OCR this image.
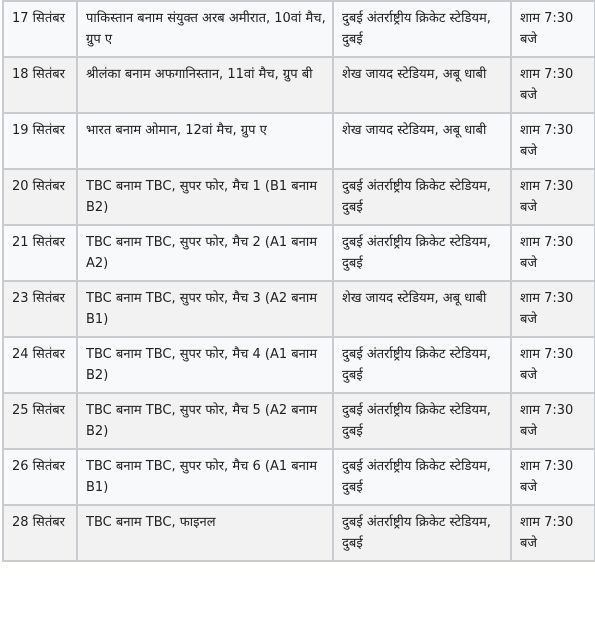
17 सितंबर	पाकिस्तान बनाम संयुक्त अरब अमीरात, 10वां मैच, ग्रुप ए	दुबई अंतर्राष्ट्रीय क्रिकेट स्टेडियम, दुबई	शाम 7:30 बजे
18 सितंबर	श्रीलंका बनाम अफगानिस्तान, 11वां मैच, ग्रुप बी	शेख जायद स्टेडियम, अबू धाबी	शाम 7:30 बजे
19 सितंबर	भारत बनाम ओमान, 12वां मैच, ग्रुप ए	शेख जायद स्टेडियम, अबू धाबी	शाम 7:30 बजे
20 सितंबर	TBC बनाम TBC, सुपर फोर, मैच 1 (B1 बनाम B2)	दुबई अंतर्राष्ट्रीय क्रिकेट स्टेडियम, दुबई	शाम 7:30 बजे
21 सितंबर	TBC बनाम TBC, सुपर फोर, मैच 2 (A1 बनाम A2)	दुबई अंतर्राष्ट्रीय क्रिकेट स्टेडियम, दुबई	शाम 7:30 बजे
23 सितंबर	TBC बनाम TBC, सुपर फोर, मैच 3 (A2 बनाम B1)	शेख जायद स्टेडियम, अबू धाबी	शाम 7:30 बजे
24 सितंबर	TBC बनाम TBC, सुपर फोर, मैच 4 (A1 बनाम B2)	दुबई अंतर्राष्ट्रीय क्रिकेट स्टेडियम, दुबई	शाम 7:30 बजे
25 सितंबर	TBC बनाम TBC, सुपर फोर, मैच 5 (A2 बनाम B2)	दुबई अंतर्राष्ट्रीय क्रिकेट स्टेडियम, दुबई	शाम 7:30 बजे
26 सितंबर	TBC बनाम TBC, सुपर फोर, मैच 6 (A1 बनाम B1)	दुबई अंतर्राष्ट्रीय क्रिकेट स्टेडियम, दुबई	शाम 7:30 बजे
28 सितंबर	TBC बनाम TBC, फाइनल	दुबई अंतर्राष्ट्रीय क्रिकेट स्टेडियम, दुबई	शाम 7:30 बजे
